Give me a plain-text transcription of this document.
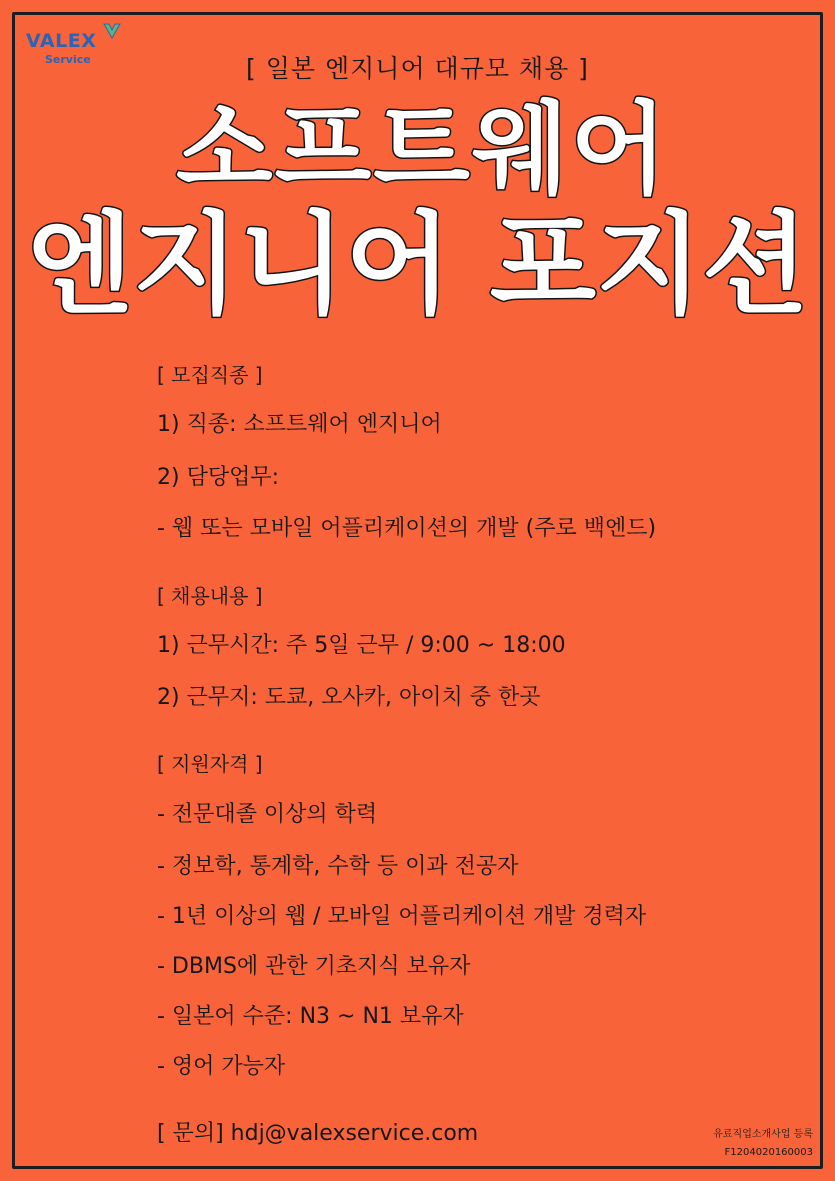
VALEX
Service	[ 일본 엔지니어 대규모 채용 ]
소프트웨어
엔지니어 포지션
[ 모집직종 ]
1) 직종: 소프트웨어 엔지니어
2) 담당업무:
- 웹 또는 모바일 어플리케이션의 개발 (주로 백엔드)
[ 채용내용 ]
1) 근무시간: 주 5일 근무 / 9:00 ~ 18:00
2) 근무지: 도쿄, 오사카, 아이치 중 한곳
[ 지원자격 ]
- 전문대졸 이상의 학력
- 정보학, 통계학, 수학 등 이과 전공자
- 1년 이상의 웹 / 모바일 어플리케이션 개발 경력자
- DBMS에 관한 기초지식 보유자
- 일본어 수준: N3 ~ N1 보유자
- 영어 가능자
[ 문의] hdj@valexservice.com	유료직업소개사업 등록
F1204020160003
